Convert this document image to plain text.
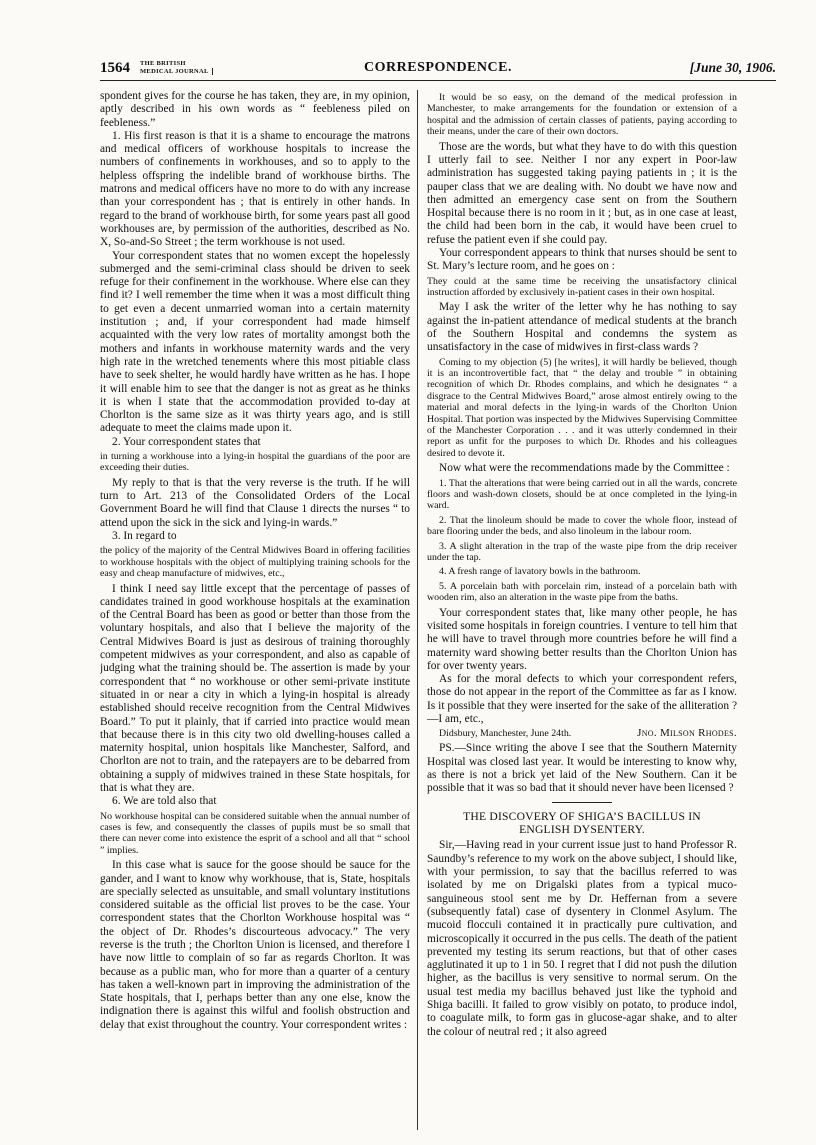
1564 THE BRITISH
MEDICAL JOURNAL	CORRESPONDENCE.	[June 30, 1906.

spondent gives for the course he has taken, they are, in my opinion, aptly described in his own words as “ feebleness piled on feebleness.”

1. His first reason is that it is a shame to encourage the matrons and medical officers of workhouse hospitals to increase the numbers of confinements in workhouses, and so to apply to the helpless offspring the indelible brand of workhouse births. The matrons and medical officers have no more to do with any increase than your correspondent has ; that is entirely in other hands. In regard to the brand of workhouse birth, for some years past all good workhouses are, by permission of the authorities, described as No. X, So-and-So Street ; the term workhouse is not used.

Your correspondent states that no women except the hopelessly submerged and the semi-criminal class should be driven to seek refuge for their confinement in the workhouse. Where else can they find it? I well remember the time when it was a most difficult thing to get even a decent unmarried woman into a certain maternity institution ; and, if your correspondent had made himself acquainted with the very low rates of mortality amongst both the mothers and infants in workhouse maternity wards and the very high rate in the wretched tenements where this most pitiable class have to seek shelter, he would hardly have written as he has. I hope it will enable him to see that the danger is not as great as he thinks it is when I state that the accommodation provided to-day at Chorlton is the same size as it was thirty years ago, and is still adequate to meet the claims made upon it.

2. Your correspondent states that

in turning a workhouse into a lying-in hospital the guardians of the poor are exceeding their duties.

My reply to that is that the very reverse is the truth. If he will turn to Art. 213 of the Consolidated Orders of the Local Government Board he will find that Clause 1 directs the nurses “ to attend upon the sick in the sick and lying-in wards.”

3. In regard to

the policy of the majority of the Central Midwives Board in offering facilities to workhouse hospitals with the object of multiplying training schools for the easy and cheap manufacture of midwives, etc.,

I think I need say little except that the percentage of passes of candidates trained in good workhouse hospitals at the examination of the Central Board has been as good or better than those from the voluntary hospitals, and also that I believe the majority of the Central Midwives Board is just as desirous of training thoroughly competent midwives as your correspondent, and also as capable of judging what the training should be. The assertion is made by your correspondent that “ no workhouse or other semi-private institute situated in or near a city in which a lying-in hospital is already established should receive recognition from the Central Midwives Board.” To put it plainly, that if carried into practice would mean that because there is in this city two old dwelling-houses called a maternity hospital, union hospitals like Manchester, Salford, and Chorlton are not to train, and the ratepayers are to be debarred from obtaining a supply of midwives trained in these State hospitals, for that is what they are.

6. We are told also that

No workhouse hospital can be considered suitable when the annual number of cases is few, and consequently the classes of pupils must be so small that there can never come into existence the esprit of a school and all that “ school ” implies.

In this case what is sauce for the goose should be sauce for the gander, and I want to know why workhouse, that is, State, hospitals are specially selected as unsuitable, and small voluntary institutions considered suitable as the official list proves to be the case. Your correspondent states that the Chorlton Workhouse hospital was “ the object of Dr. Rhodes’s discourteous advocacy.” The very reverse is the truth ; the Chorlton Union is licensed, and therefore I have now little to complain of so far as regards Chorlton. It was because as a public man, who for more than a quarter of a century has taken a well-known part in improving the administration of the State hospitals, that I, perhaps better than any one else, know the indignation there is against this wilful and foolish obstruction and delay that exist throughout the country. Your correspondent writes :

It would be so easy, on the demand of the medical profession in Manchester, to make arrangements for the foundation or extension of a hospital and the admission of certain classes of patients, paying according to their means, under the care of their own doctors.

Those are the words, but what they have to do with this question I utterly fail to see. Neither I nor any expert in Poor-law administration has suggested taking paying patients in ; it is the pauper class that we are dealing with. No doubt we have now and then admitted an emergency case sent on from the Southern Hospital because there is no room in it ; but, as in one case at least, the child had been born in the cab, it would have been cruel to refuse the patient even if she could pay.

Your correspondent appears to think that nurses should be sent to St. Mary’s lecture room, and he goes on :

They could at the same time be receiving the unsatisfactory clinical instruction afforded by exclusively in-patient cases in their own hospital.

May I ask the writer of the letter why he has nothing to say against the in-patient attendance of medical students at the branch of the Southern Hospital and condemns the system as unsatisfactory in the case of midwives in first-class wards ?

Coming to my objection (5) [he writes], it will hardly be believed, though it is an incontrovertible fact, that “ the delay and trouble ” in obtaining recognition of which Dr. Rhodes complains, and which he designates “ a disgrace to the Central Midwives Board,” arose almost entirely owing to the material and moral defects in the lying-in wards of the Chorlton Union Hospital. That portion was inspected by the Midwives Supervising Committee of the Manchester Corporation . . . and it was utterly condemned in their report as unfit for the purposes to which Dr. Rhodes and his colleagues desired to devote it.

Now what were the recommendations made by the Committee :

1. That the alterations that were being carried out in all the wards, concrete floors and wash-down closets, should be at once completed in the lying-in ward.

2. That the linoleum should be made to cover the whole floor, instead of bare flooring under the beds, and also linoleum in the labour room.

3. A slight alteration in the trap of the waste pipe from the drip receiver under the tap.

4. A fresh range of lavatory bowls in the bathroom.

5. A porcelain bath with porcelain rim, instead of a porcelain bath with wooden rim, also an alteration in the waste pipe from the baths.

Your correspondent states that, like many other people, he has visited some hospitals in foreign countries. I venture to tell him that he will have to travel through more countries before he will find a maternity ward showing better results than the Chorlton Union has for over twenty years.

As for the moral defects to which your correspondent refers, those do not appear in the report of the Committee as far as I know. Is it possible that they were inserted for the sake of the alliteration ?—I am, etc.,

Didsbury, Manchester, June 24th.	Jno. Milson Rhodes.

PS.—Since writing the above I see that the Southern Maternity Hospital was closed last year. It would be interesting to know why, as there is not a brick yet laid of the New Southern. Can it be possible that it was so bad that it should never have been licensed ?

THE DISCOVERY OF SHIGA’S BACILLUS IN
ENGLISH DYSENTERY.

Sir,—Having read in your current issue just to hand Professor R. Saundby’s reference to my work on the above subject, I should like, with your permission, to say that the bacillus referred to was isolated by me on Drigalski plates from a typical muco-sanguineous stool sent me by Dr. Heffernan from a severe (subsequently fatal) case of dysentery in Clonmel Asylum. The mucoid flocculi contained it in practically pure cultivation, and microscopically it occurred in the pus cells. The death of the patient prevented my testing its serum reactions, but that of other cases agglutinated it up to 1 in 50. I regret that I did not push the dilution higher, as the bacillus is very sensitive to normal serum. On the usual test media my bacillus behaved just like the typhoid and Shiga bacilli. It failed to grow visibly on potato, to produce indol, to coagulate milk, to form gas in glucose-agar shake, and to alter the colour of neutral red ; it also agreed
